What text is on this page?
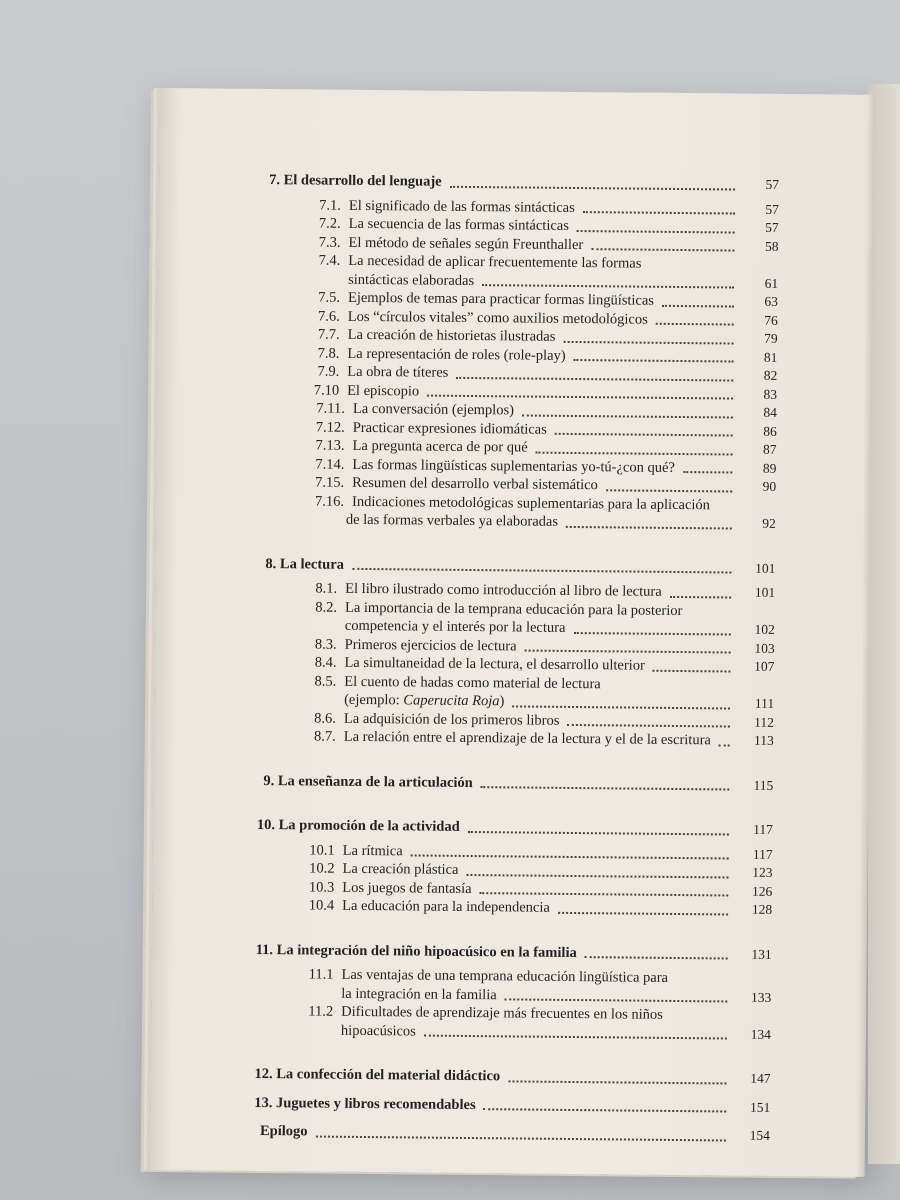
7. El desarrollo del lenguaje	57
7.1. El significado de las formas sintácticas	57
7.2. La secuencia de las formas sintácticas	57
7.3. El método de señales según Freunthaller	58
7.4. La necesidad de aplicar frecuentemente las formas
sintácticas elaboradas	61
7.5. Ejemplos de temas para practicar formas lingüísticas	63
7.6. Los “círculos vitales” como auxilios metodológicos	76
7.7. La creación de historietas ilustradas	79
7.8. La representación de roles (role-play)	81
7.9. La obra de títeres	82
7.10 El episcopio	83
7.11. La conversación (ejemplos)	84
7.12. Practicar expresiones idiomáticas	86
7.13. La pregunta acerca de por qué	87
7.14. Las formas lingüísticas suplementarias yo-tú-¿con qué?	89
7.15. Resumen del desarrollo verbal sistemático	90
7.16. Indicaciones metodológicas suplementarias para la aplicación
de las formas verbales ya elaboradas	92
8. La lectura	101
8.1. El libro ilustrado como introducción al libro de lectura	101
8.2. La importancia de la temprana educación para la posterior
competencia y el interés por la lectura	102
8.3. Primeros ejercicios de lectura	103
8.4. La simultaneidad de la lectura, el desarrollo ulterior	107
8.5. El cuento de hadas como material de lectura
(ejemplo: Caperucita Roja)	111
8.6. La adquisición de los primeros libros	112
8.7. La relación entre el aprendizaje de la lectura y el de la escritura	113
9. La enseñanza de la articulación	115
10. La promoción de la actividad	117
10.1 La rítmica	117
10.2 La creación plástica	123
10.3 Los juegos de fantasía	126
10.4 La educación para la independencia	128
11. La integración del niño hipoacúsico en la familia	131
11.1 Las ventajas de una temprana educación lingüística para
la integración en la familia	133
11.2 Dificultades de aprendizaje más frecuentes en los niños
hipoacúsicos	134
12. La confección del material didáctico	147
13. Juguetes y libros recomendables	151
Epílogo	154
